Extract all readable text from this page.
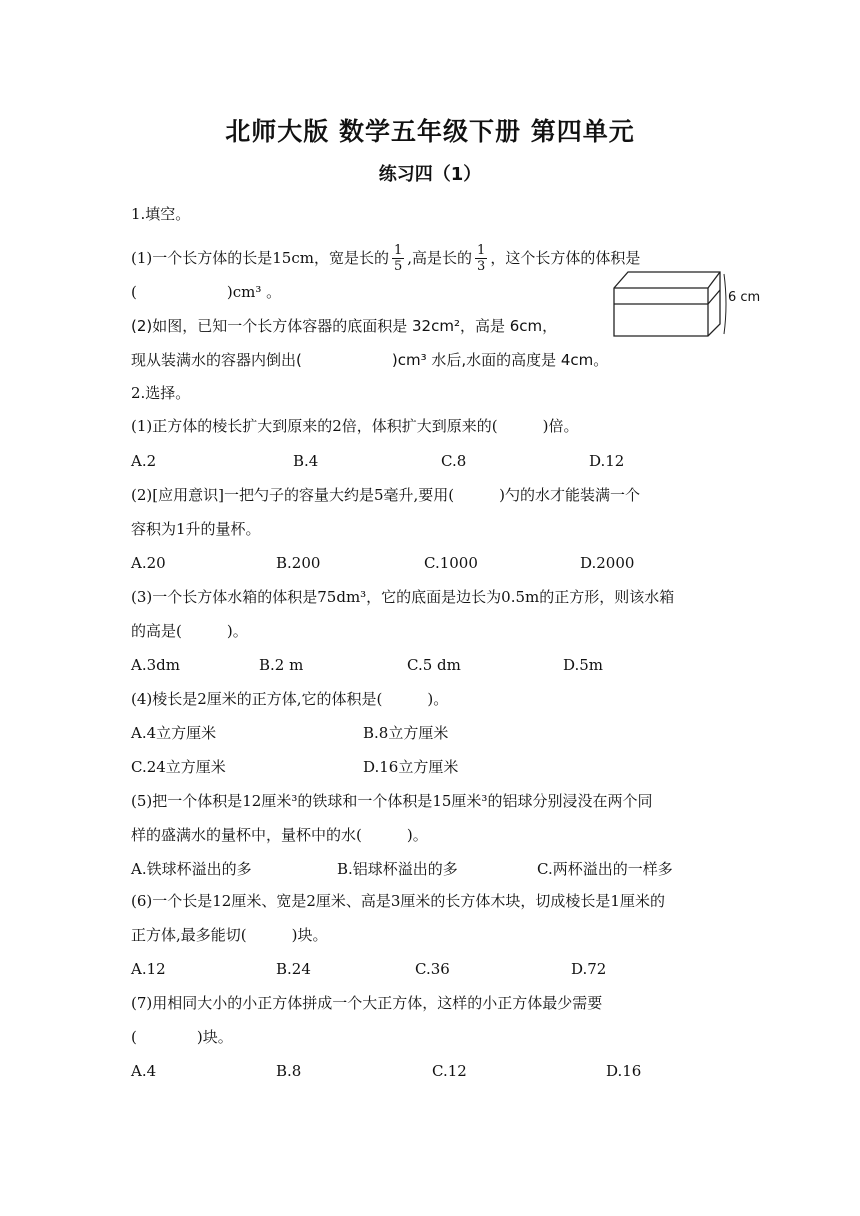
北师大版 数学五年级下册 第四单元
练习四（1）
1.填空。
(1)一个长方体的长是15cm，宽是长的 $\frac{1}{5}$ ,高是长的 $\frac{1}{3}$ ，这个长方体的体积是
(　　　　　　)cm³ 。
(2)如图，已知一个长方体容器的底面积是 32cm²，高是 6cm，
现从装满水的容器内倒出(　　　　　　)cm³ 水后,水面的高度是 4cm。
6 cm
2.选择。
(1)正方体的棱长扩大到原来的2倍，体积扩大到原来的(　　　)倍。
A.2	B.4	C.8	D.12
(2)[应用意识]一把勺子的容量大约是5毫升,要用(　　　)勺的水才能装满一个
容积为1升的量杯。
A.20	B.200	C.1000	D.2000
(3)一个长方体水箱的体积是75dm³，它的底面是边长为0.5m的正方形，则该水箱
的高是(　　　)。
A.3dm	B.2 m	C.5 dm	D.5m
(4)棱长是2厘米的正方体,它的体积是(　　　)。
A.4立方厘米	B.8立方厘米
C.24立方厘米	D.16立方厘米
(5)把一个体积是12厘米³的铁球和一个体积是15厘米³的铝球分别浸没在两个同
样的盛满水的量杯中，量杯中的水(　　　)。
A.铁球杯溢出的多	B.铝球杯溢出的多	C.两杯溢出的一样多
(6)一个长是12厘米、宽是2厘米、高是3厘米的长方体木块，切成棱长是1厘米的
正方体,最多能切(　　　)块。
A.12	B.24	C.36	D.72
(7)用相同大小的小正方体拼成一个大正方体，这样的小正方体最少需要
(　　　　)块。
A.4	B.8	C.12	D.16
